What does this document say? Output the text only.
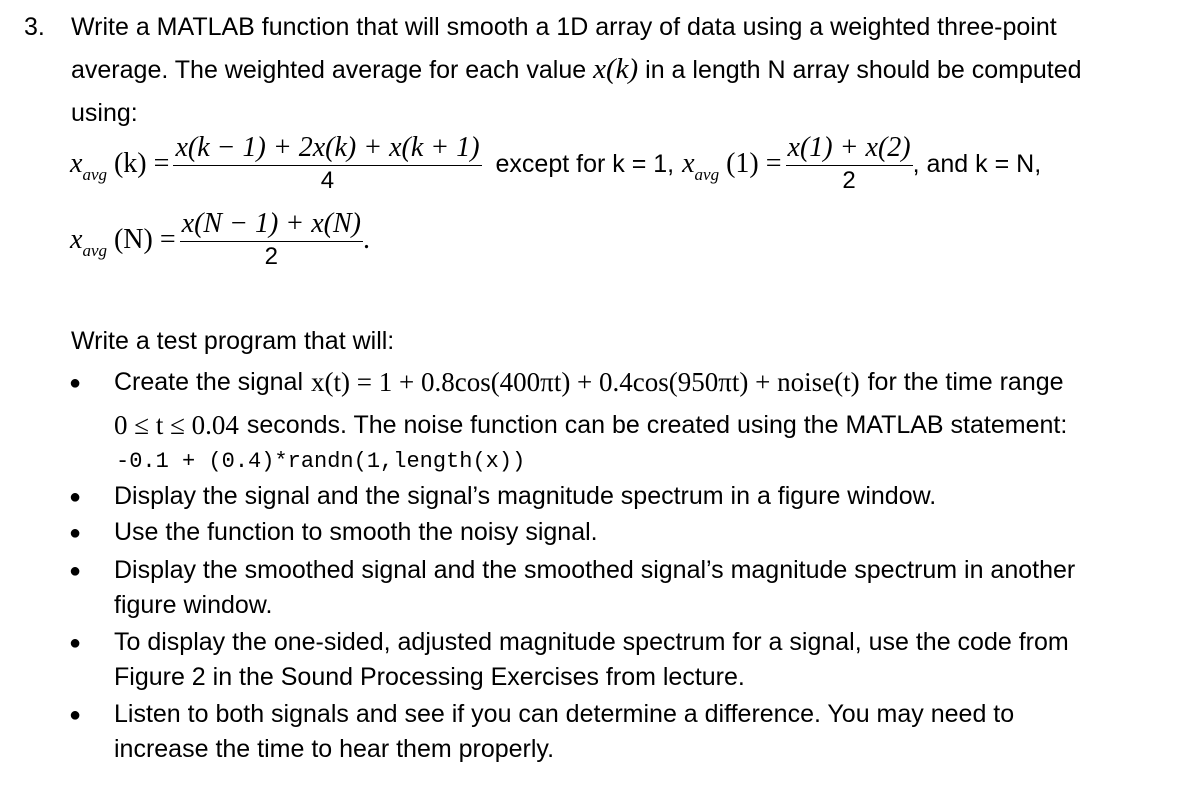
3. Write a MATLAB function that will smooth a 1D array of data using a weighted three-point
average. The weighted average for each value x(k) in a length N array should be computed
using:
$x_{avg}$ $(k) = \frac{x(k - 1) + 2x(k) + x(k + 1)}{4}$ except for k = 1, $x_{avg}$ $(1) = \frac{x(1) + x(2)}{2}$ , and k = N,
$x_{avg}$ $(N) = \frac{x(N - 1) + x(N)}{2}$ .
Write a test program that will:
● Create the signal x(t) = 1 + 0.8cos(400πt) + 0.4cos(950πt) + noise(t) for the time range
0 ≤ t ≤ 0.04 seconds. The noise function can be created using the MATLAB statement:
-0.1 + (0.4)*randn(1,length(x))
● Display the signal and the signal’s magnitude spectrum in a figure window.
● Use the function to smooth the noisy signal.
● Display the smoothed signal and the smoothed signal’s magnitude spectrum in another
figure window.
● To display the one-sided, adjusted magnitude spectrum for a signal, use the code from
Figure 2 in the Sound Processing Exercises from lecture.
● Listen to both signals and see if you can determine a difference. You may need to
increase the time to hear them properly.
